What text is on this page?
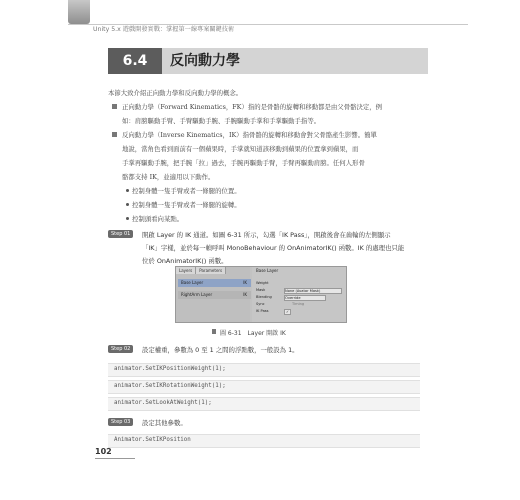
Unity 5.x 遊戲開發實戰：掌握第一線專案關鍵技術
6.4	反向動力學
本節大致介紹正向動力學和反向動力學的概念。
正向動力學（Forward Kinematics，FK）指的是骨骼的旋轉和移動都是由父骨骼決定，例
如：肩膀驅動手臂、手臂驅動手腕、手腕驅動手掌和手掌驅動手指等。
反向動力學（Inverse Kinematics，IK）指骨骼的旋轉和移動會對父骨骼產生影響。簡單
地說，當角色看到面前有一個蘋果時，手掌就知道該移動到蘋果的位置拿到蘋果，而
手掌再驅動手腕，把手腕「拉」過去，手腕再驅動手臂，手臂再驅動肩膀。任何人形骨
骼都支持 IK，並適用以下動作。
控制身體一隻手臂或者一條腿的位置。
控制身體一隻手臂或者一條腿的旋轉。
控制頭看向某點。
Step 01	開啟 Layer 的 IK 通道。如圖 6-31 所示，勾選「IK Pass」，開啟後會在齒輪的左側顯示
「IK」字樣，並於每一幀呼叫 MonoBehaviour 的 OnAnimatorIK() 函數。IK 的處理也只能
位於 OnAnimatorIK() 函數。
Layers	Parameters
Base Layer	IK
RightArm Layer	IK
Base Layer
Weight
Mask	None (Avatar Mask)
Blending	Override
Sync	Timing
IK Pass	✓
圖 6-31　Layer 開啟 IK
Step 02	設定權重，參數為 0 至 1 之間的浮點數，一般設為 1。
animator.SetIKPositionWeight(1);
animator.SetIKRotationWeight(1);
animator.SetLookAtWeight(1);
Step 03	設定其他參數。
Animator.SetIKPosition
102
